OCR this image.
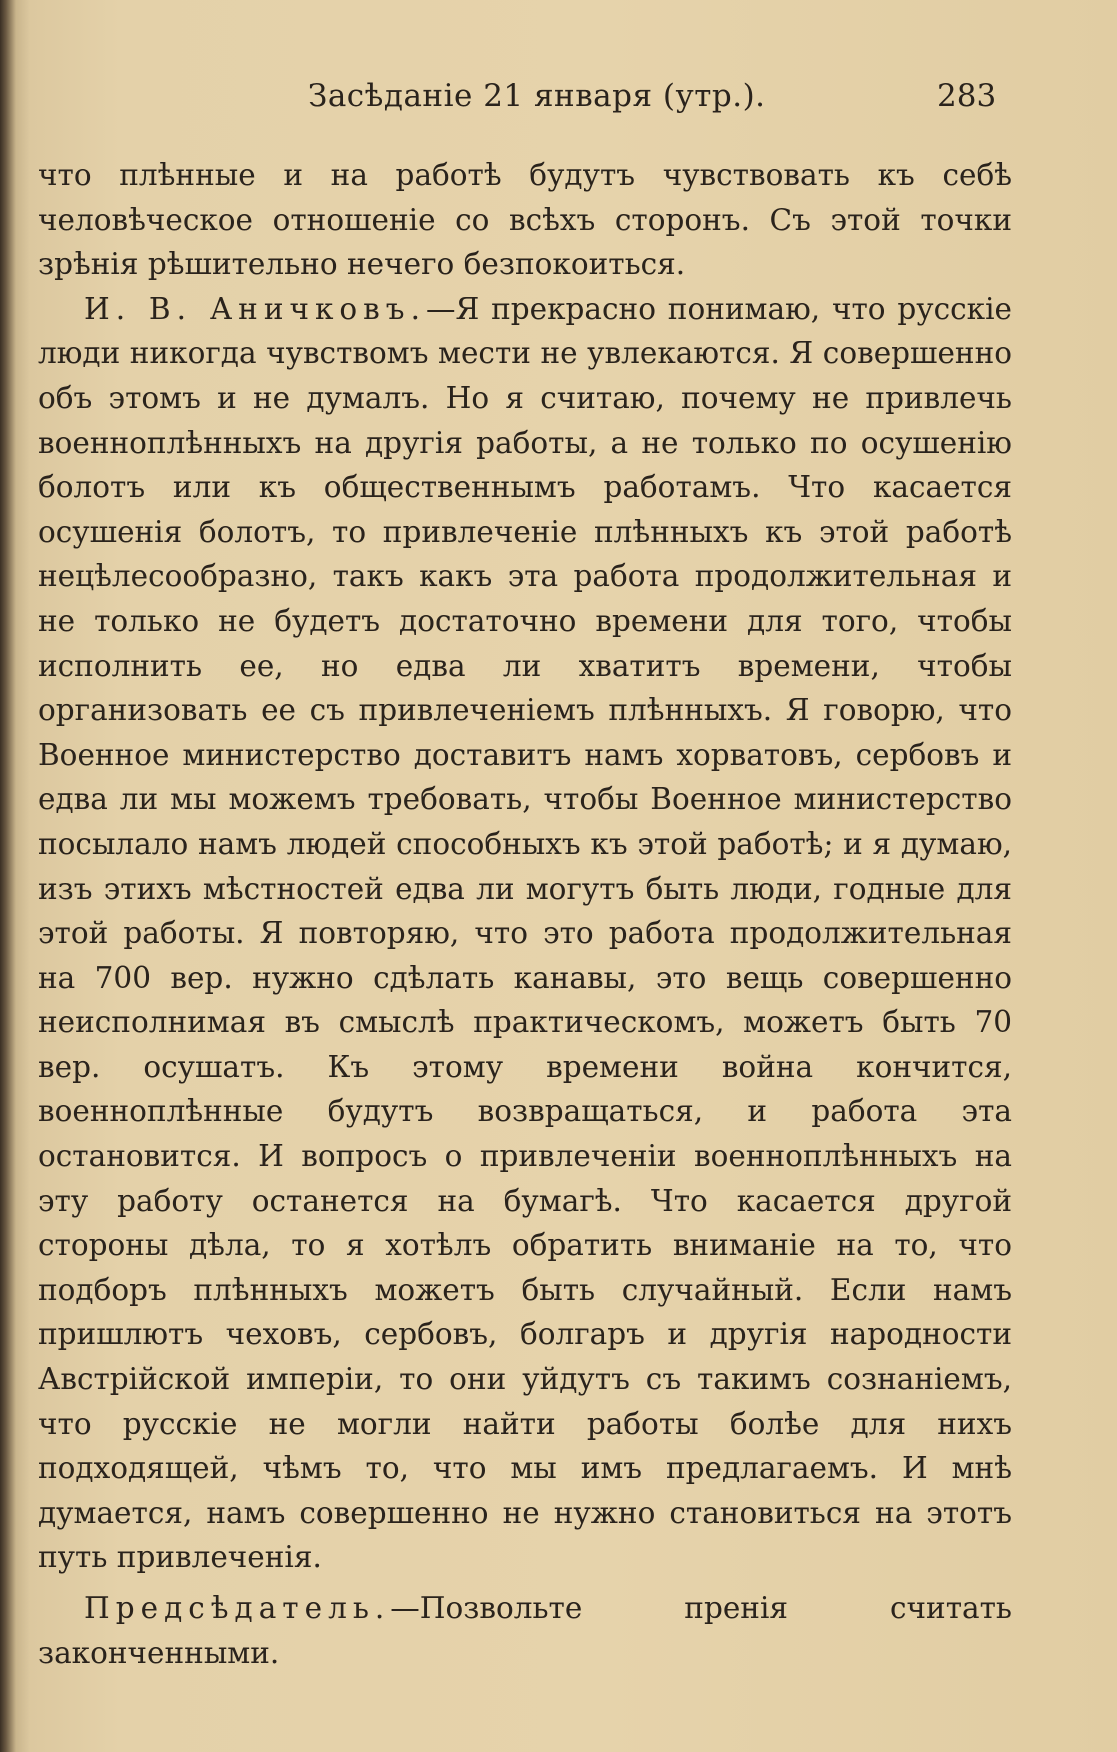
Засѣданіе 21 января (утр.).	283

что плѣнные и на работѣ будутъ чувствовать къ себѣ человѣческое отношеніе со всѣхъ сторонъ. Съ этой точки зрѣнія рѣшительно нечего безпокоиться.

И. В. Аничковъ.—Я прекрасно понимаю, что русскіе люди никогда чувствомъ мести не увлекаются. Я совершенно объ этомъ и не думалъ. Но я считаю, почему не привлечь военноплѣнныхъ на другія работы, а не только по осушенію болотъ или къ общественнымъ работамъ. Что касается осушенія болотъ, то привлеченіе плѣнныхъ къ этой работѣ нецѣлесообразно, такъ какъ эта работа продолжительная и не только не будетъ достаточно времени для того, чтобы исполнить ее, но едва ли хватитъ времени, чтобы организовать ее съ привлеченіемъ плѣнныхъ. Я говорю, что Военное министерство доставитъ намъ хорватовъ, сербовъ и едва ли мы можемъ требовать, чтобы Военное министерство посылало намъ людей способныхъ къ этой работѣ; и я думаю, изъ этихъ мѣстностей едва ли могутъ быть люди, годные для этой работы. Я повторяю, что это работа продолжительная на 700 вер. нужно сдѣлать канавы, это вещь совершенно неисполнимая въ смыслѣ практическомъ, можетъ быть 70 вер. осушатъ. Къ этому времени война кончится, военноплѣнные будутъ возвращаться, и работа эта остановится. И вопросъ о привлеченіи военноплѣнныхъ на эту работу останется на бумагѣ. Что касается другой стороны дѣла, то я хотѣлъ обратить вниманіе на то, что подборъ плѣнныхъ можетъ быть случайный. Если намъ пришлютъ чеховъ, сербовъ, болгаръ и другія народности Австрійской имперіи, то они уйдутъ съ такимъ сознаніемъ, что русскіе не могли найти работы болѣе для нихъ подходящей, чѣмъ то, что мы имъ предлагаемъ. И мнѣ думается, намъ совершенно не нужно становиться на этотъ путь привлеченія.

Предсѣдатель.—Позвольте пренія считать законченными.
